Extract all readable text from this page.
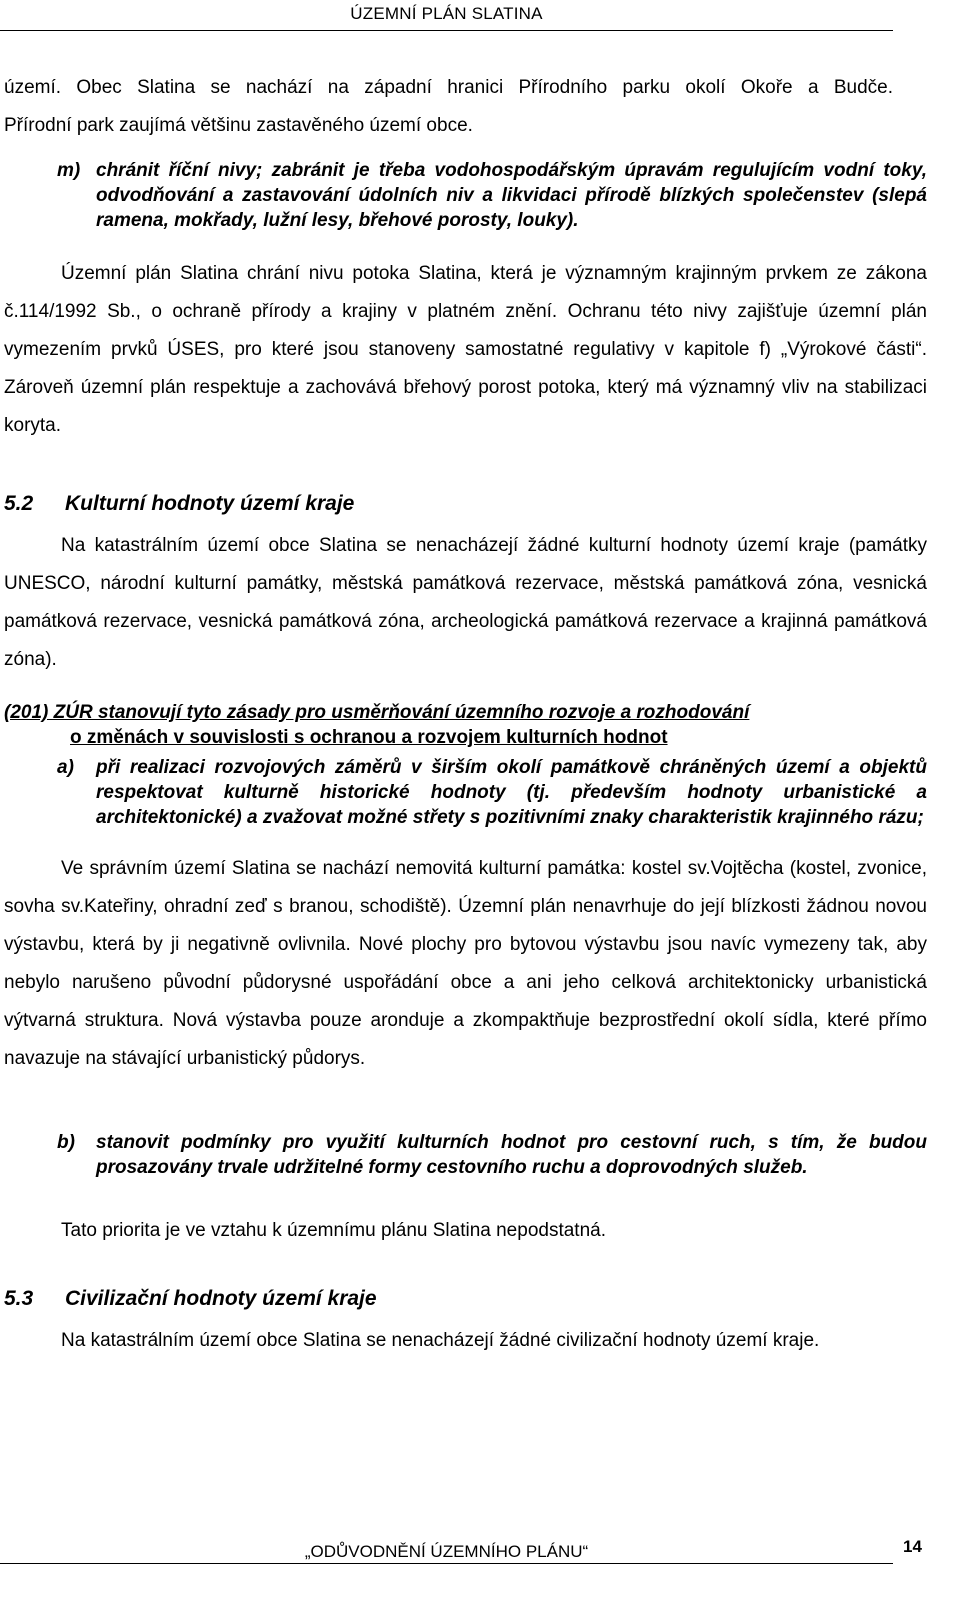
ÚZEMNÍ PLÁN SLATINA

území. Obec Slatina se nachází na západní hranici Přírodního parku okolí Okoře a Budče.

Přírodní park zaujímá většinu zastavěného území obce.

m) chránit říční nivy; zabránit je třeba vodohospodářským úpravám regulujícím vodní toky, odvodňování a zastavování údolních niv a likvidaci přírodě blízkých společenstev (slepá ramena, mokřady, lužní lesy, břehové porosty, louky).

Územní plán Slatina chrání nivu potoka Slatina, která je významným krajinným prvkem ze zákona č.114/1992 Sb., o ochraně přírody a krajiny v platném znění. Ochranu této nivy zajišťuje územní plán vymezením prvků ÚSES, pro které jsou stanoveny samostatné regulativy v kapitole f) „Výrokové části“. Zároveň územní plán respektuje a zachovává břehový porost potoka, který má významný vliv na stabilizaci koryta.

5.2 Kulturní hodnoty území kraje

Na katastrálním území obce Slatina se nenacházejí žádné kulturní hodnoty území kraje (památky UNESCO, národní kulturní památky, městská památková rezervace, městská památková zóna, vesnická památková rezervace, vesnická památková zóna, archeologická památková rezervace a krajinná památková zóna).

(201) ZÚR stanovují tyto zásady pro usměrňování územního rozvoje a rozhodování

o změnách v souvislosti s ochranou a rozvojem kulturních hodnot

a) při realizaci rozvojových záměrů v širším okolí památkově chráněných území a objektů respektovat kulturně historické hodnoty (tj. především hodnoty urbanistické a architektonické) a zvažovat možné střety s pozitivními znaky charakteristik krajinného rázu;

Ve správním území Slatina se nachází nemovitá kulturní památka: kostel sv.Vojtěcha (kostel, zvonice, sovha sv.Kateřiny, ohradní zeď s branou, schodiště). Územní plán nenavrhuje do její blízkosti žádnou novou výstavbu, která by ji negativně ovlivnila. Nové plochy pro bytovou výstavbu jsou navíc vymezeny tak, aby nebylo narušeno původní půdorysné uspořádání obce a ani jeho celková architektonicky urbanistická výtvarná struktura. Nová výstavba pouze aronduje a zkompaktňuje bezprostřední okolí sídla, které přímo navazuje na stávající urbanistický půdorys.

b) stanovit podmínky pro využití kulturních hodnot pro cestovní ruch, s tím, že budou prosazovány trvale udržitelné formy cestovního ruchu a doprovodných služeb.

Tato priorita je ve vztahu k územnímu plánu Slatina nepodstatná.

5.3 Civilizační hodnoty území kraje

Na katastrálním území obce Slatina se nenacházejí žádné civilizační hodnoty území kraje.

„ODŮVODNĚNÍ ÚZEMNÍHO PLÁNU“	14
